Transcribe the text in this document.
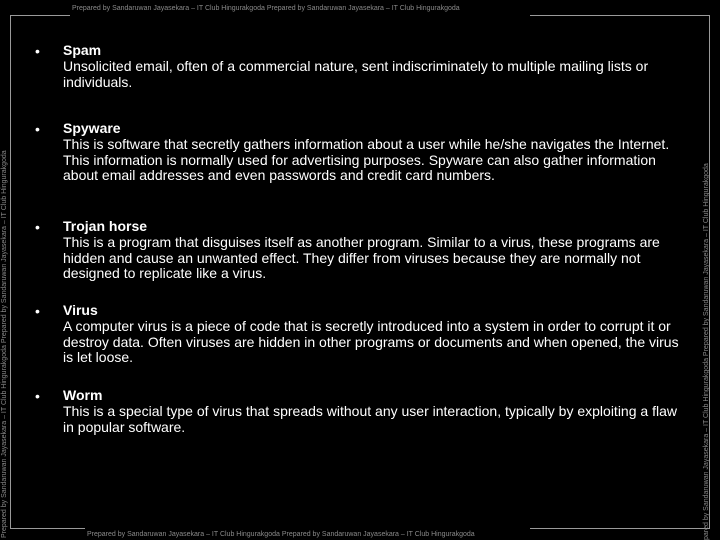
Prepared by Sandaruwan Jayasekara – IT Club Hingurakgoda Prepared by Sandaruwan Jayasekara – IT Club Hingurakgoda
Prepared by Sandaruwan Jayasekara – IT Club Hingurakgoda Prepared by Sandaruwan Jayasekara – IT Club Hingurakgoda
Prepared by Sandaruwan Jayasekara – IT Club Hingurakgoda Prepared by Sandaruwan Jayasekara – IT Club Hingurakgoda	pared by Sandaruwan Jayasekara – IT Club Hingurakgoda Prepared by Sandaruwan Jayasekara – IT Club Hingurakgoda
•	Spam
Unsolicited email, often of a commercial nature, sent indiscriminately to multiple mailing lists or individuals.
•	Spyware
This is software that secretly gathers information about a user while he/she navigates the Internet. This information is normally used for advertising purposes. Spyware can also gather information about email addresses and even passwords and credit card numbers.
•	Trojan horse
This is a program that disguises itself as another program. Similar to a virus, these programs are hidden and cause an unwanted effect. They differ from viruses because they are normally not designed to replicate like a virus.
•	Virus
A computer virus is a piece of code that is secretly introduced into a system in order to corrupt it or destroy data. Often viruses are hidden in other programs or documents and when opened, the virus is let loose.
•	Worm
This is a special type of virus that spreads without any user interaction, typically by exploiting a flaw in popular software.
